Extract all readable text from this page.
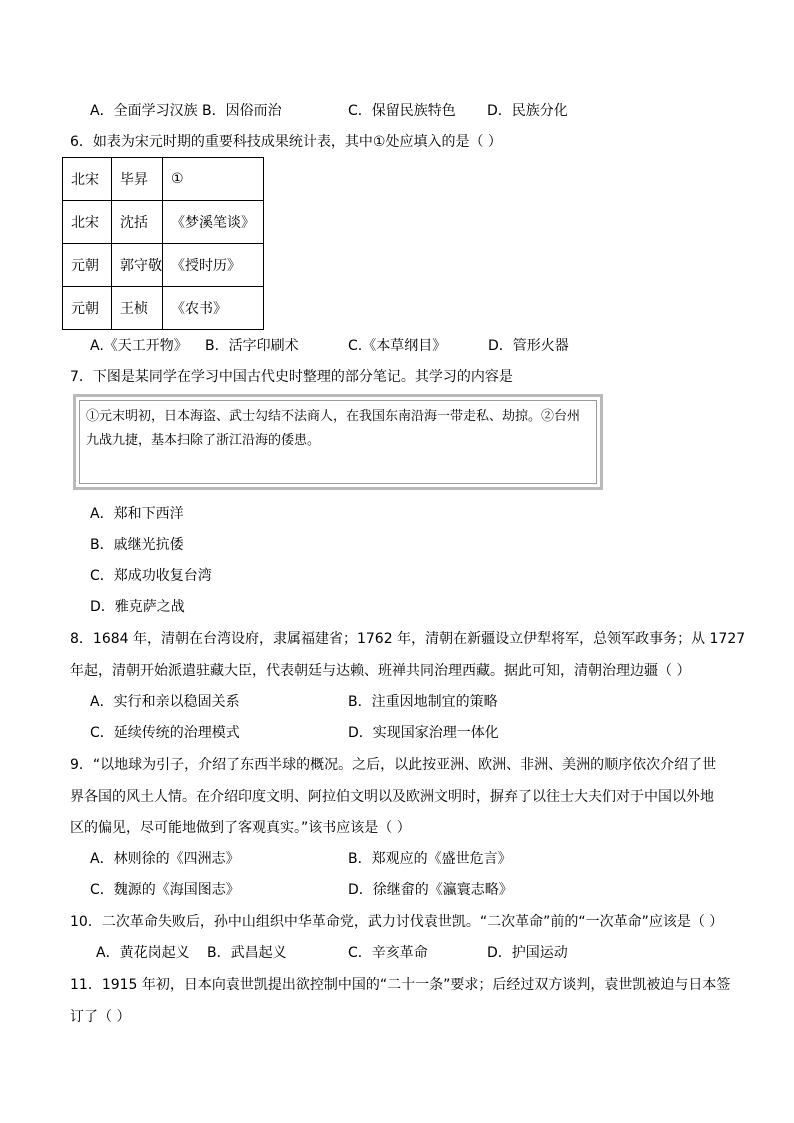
A．全面学习汉族 B．因俗而治	C．保留民族特色 D．民族分化
6．如表为宋元时期的重要科技成果统计表，其中①处应填入的是（ ）
北宋	毕昇	①
北宋	沈括	《梦溪笔谈》
元朝	郭守敬	《授时历》
元朝	王桢	《农书》
A.《天工开物》 B．活字印刷术	C.《本草纲目》	D．管形火器
7．下图是某同学在学习中国古代史时整理的部分笔记。其学习的内容是
①元末明初，日本海盗、武士勾结不法商人，在我国东南沿海一带走私、劫掠。②台州九战九捷，基本扫除了浙江沿海的倭患。
A．郑和下西洋
B．戚继光抗倭
C．郑成功收复台湾
D．雅克萨之战
8．1684 年，清朝在台湾设府，隶属福建省；1762 年，清朝在新疆设立伊犁将军，总领军政事务；从 1727
年起，清朝开始派遣驻藏大臣，代表朝廷与达赖、班禅共同治理西藏。据此可知，清朝治理边疆（ ）
A．实行和亲以稳固关系	B．注重因地制宜的策略
C．延续传统的治理模式	D．实现国家治理一体化
9．“以地球为引子，介绍了东西半球的概况。之后，以此按亚洲、欧洲、非洲、美洲的顺序依次介绍了世
界各国的风土人情。在介绍印度文明、阿拉伯文明以及欧洲文明时，摒弃了以往士大夫们对于中国以外地
区的偏见，尽可能地做到了客观真实。”该书应该是（ ）
A．林则徐的《四洲志》	B．郑观应的《盛世危言》
C．魏源的《海国图志》	D．徐继畲的《瀛寰志略》
10．二次革命失败后，孙中山组织中华革命党，武力讨伐袁世凯。“二次革命”前的“一次革命”应该是（ ）
A．黄花岗起义 B．武昌起义	C．辛亥革命	D．护国运动
11．1915 年初，日本向袁世凯提出欲控制中国的“二十一条”要求；后经过双方谈判，袁世凯被迫与日本签
订了（ ）
